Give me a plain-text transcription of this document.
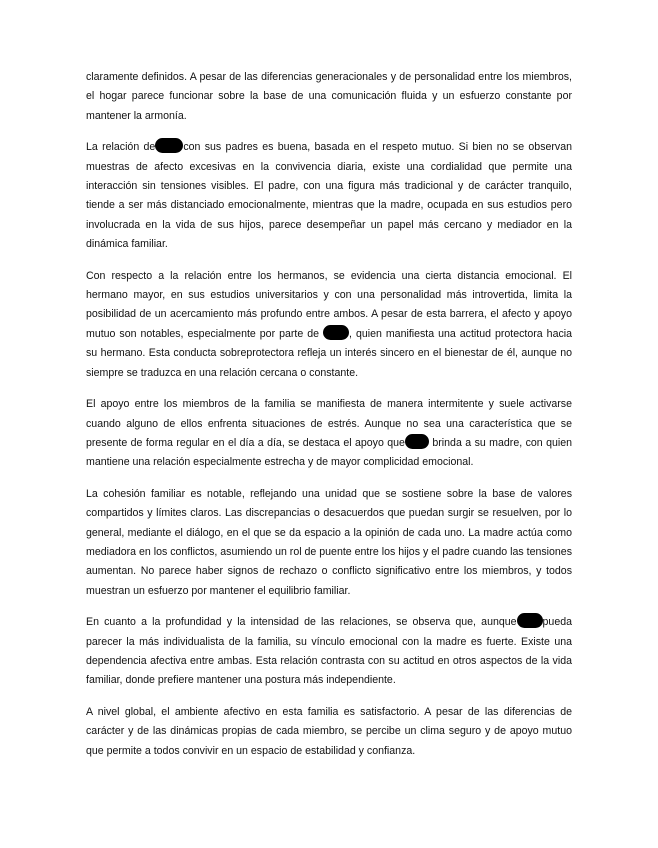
claramente definidos. A pesar de las diferencias generacionales y de personalidad entre los miembros, el hogar parece funcionar sobre la base de una comunicación fluida y un esfuerzo constante por mantener la armonía.

La relación de	con sus padres es buena, basada en el respeto mutuo. Si bien no se observan muestras de afecto excesivas en la convivencia diaria, existe una cordialidad que permite una interacción sin tensiones visibles. El padre, con una figura más tradicional y de carácter tranquilo, tiende a ser más distanciado emocionalmente, mientras que la madre, ocupada en sus estudios pero involucrada en la vida de sus hijos, parece desempeñar un papel más cercano y mediador en la dinámica familiar.

Con respecto a la relación entre los hermanos, se evidencia una cierta distancia emocional. El hermano mayor, en sus estudios universitarios y con una personalidad más introvertida, limita la posibilidad de un acercamiento más profundo entre ambos. A pesar de esta barrera, el afecto y apoyo mutuo son notables, especialmente por parte de	, quien manifiesta una actitud protectora hacia su hermano. Esta conducta sobreprotectora refleja un interés sincero en el bienestar de él, aunque no siempre se traduzca en una relación cercana o constante.

El apoyo entre los miembros de la familia se manifiesta de manera intermitente y suele activarse cuando alguno de ellos enfrenta situaciones de estrés. Aunque no sea una característica que se presente de forma regular en el día a día, se destaca el apoyo que	brinda a su madre, con quien mantiene una relación especialmente estrecha y de mayor complicidad emocional.

La cohesión familiar es notable, reflejando una unidad que se sostiene sobre la base de valores compartidos y límites claros. Las discrepancias o desacuerdos que puedan surgir se resuelven, por lo general, mediante el diálogo, en el que se da espacio a la opinión de cada uno. La madre actúa como mediadora en los conflictos, asumiendo un rol de puente entre los hijos y el padre cuando las tensiones aumentan. No parece haber signos de rechazo o conflicto significativo entre los miembros, y todos muestran un esfuerzo por mantener el equilibrio familiar.

En cuanto a la profundidad y la intensidad de las relaciones, se observa que, aunque pueda parecer la más individualista de la familia, su vínculo emocional con la madre es fuerte. Existe una dependencia afectiva entre ambas. Esta relación contrasta con su actitud en otros aspectos de la vida familiar, donde prefiere mantener una postura más independiente.

A nivel global, el ambiente afectivo en esta familia es satisfactorio. A pesar de las diferencias de carácter y de las dinámicas propias de cada miembro, se percibe un clima seguro y de apoyo mutuo que permite a todos convivir en un espacio de estabilidad y confianza.
